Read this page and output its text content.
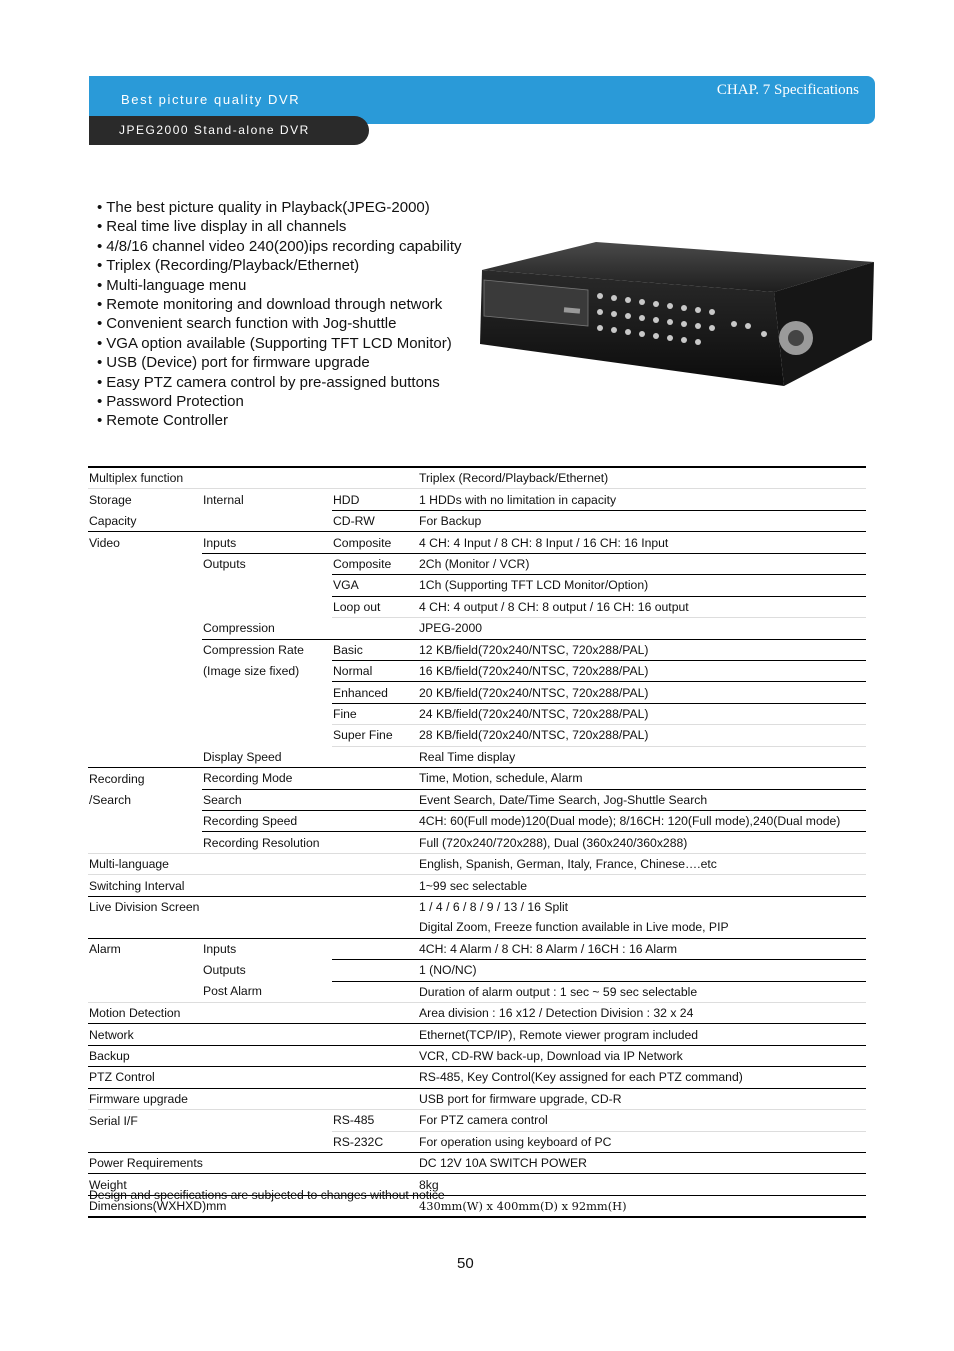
Best picture quality DVR
CHAP. 7 Specifications
JPEG2000 Stand-alone DVR
• The best picture quality in Playback(JPEG-2000)
• Real time live display in all channels
• 4/8/16 channel video 240(200)ips recording capability
• Triplex (Recording/Playback/Ethernet)
• Multi-language menu
• Remote monitoring and download through network
• Convenient search function with Jog-shuttle
• VGA option available (Supporting TFT LCD Monitor)
• USB (Device) port for firmware upgrade
• Easy PTZ camera control by pre-assigned buttons
• Password Protection
• Remote Controller
Multiplex function			Triplex (Record/Playback/Ethernet)
Storage	Internal	HDD	1 HDDs with no limitation in capacity
Capacity		CD-RW	For Backup
Video	Inputs	Composite	4 CH: 4 Input / 8 CH: 8 Input / 16 CH: 16 Input
	Outputs	Composite	2Ch (Monitor / VCR)
		VGA	1Ch (Supporting TFT LCD Monitor/Option)
		Loop out	4 CH: 4 output / 8 CH: 8 output / 16 CH: 16 output
	Compression		JPEG-2000
	Compression Rate	Basic	12 KB/field(720x240/NTSC, 720x288/PAL)
	(Image size fixed)	Normal	16 KB/field(720x240/NTSC, 720x288/PAL)
		Enhanced	20 KB/field(720x240/NTSC, 720x288/PAL)
		Fine	24 KB/field(720x240/NTSC, 720x288/PAL)
		Super Fine	28 KB/field(720x240/NTSC, 720x288/PAL)
	Display Speed		Real Time display
Recording	Recording Mode		Time, Motion, schedule, Alarm
/Search	Search		Event Search, Date/Time Search, Jog-Shuttle Search
	Recording Speed		4CH: 60(Full mode)120(Dual mode); 8/16CH: 120(Full mode),240(Dual mode)
	Recording Resolution		Full (720x240/720x288), Dual (360x240/360x288)
Multi-language			English, Spanish, German, Italy, France, Chinese….etc
Switching Interval			1~99 sec selectable
Live Division Screen			1 / 4 / 6 / 8 / 9 / 13 / 16 Split
			Digital Zoom, Freeze function available in Live mode, PIP
Alarm	Inputs		4CH: 4 Alarm / 8 CH: 8 Alarm / 16CH : 16 Alarm
	Outputs		1 (NO/NC)
	Post Alarm		Duration of alarm output : 1 sec ~ 59 sec selectable
Motion Detection			Area division : 16 x12 / Detection Division : 32 x 24
Network			Ethernet(TCP/IP), Remote viewer program included
Backup			VCR, CD-RW back-up, Download via IP Network
PTZ Control			RS-485, Key Control(Key assigned for each PTZ command)
Firmware upgrade			USB port for firmware upgrade, CD-R
Serial I/F		RS-485	For PTZ camera control
		RS-232C	For operation using keyboard of PC
Power Requirements			DC 12V 10A SWITCH POWER
Weight			8kg
Dimensions(WXHXD)mm			430mm(W) x 400mm(D) x 92mm(H)
Design and specifications are subjected to changes without notice
50
